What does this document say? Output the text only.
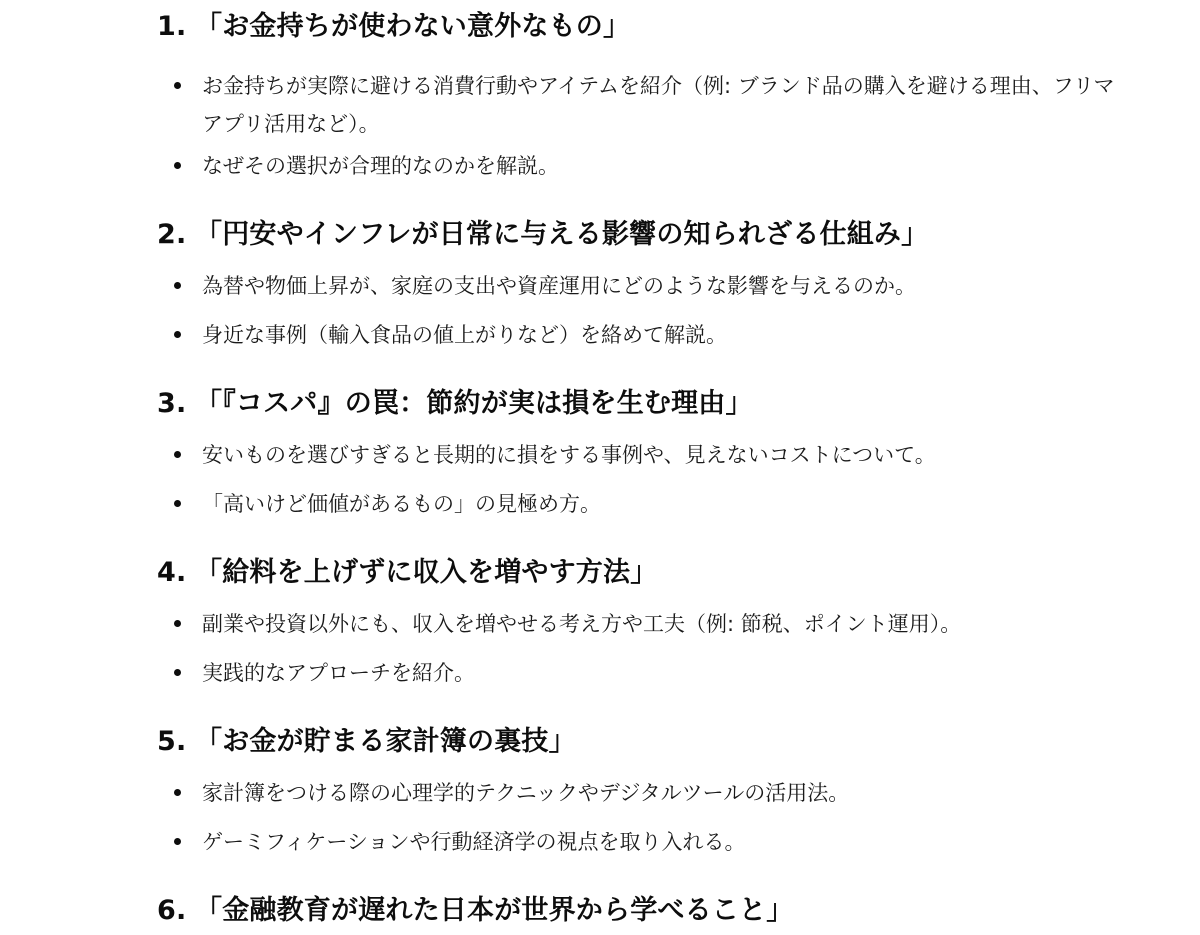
1. 「お金持ちが使わない意外なもの」
お金持ちが実際に避ける消費行動やアイテムを紹介（例: ブランド品の購入を避ける理由、フリマアプリ活用など）。
なぜその選択が合理的なのかを解説。
2. 「円安やインフレが日常に与える影響の知られざる仕組み」
為替や物価上昇が、家庭の支出や資産運用にどのような影響を与えるのか。
身近な事例（輸入食品の値上がりなど）を絡めて解説。
3. 「『コスパ』の罠：節約が実は損を生む理由」
安いものを選びすぎると長期的に損をする事例や、見えないコストについて。
「高いけど価値があるもの」の見極め方。
4. 「給料を上げずに収入を増やす方法」
副業や投資以外にも、収入を増やせる考え方や工夫（例: 節税、ポイント運用）。
実践的なアプローチを紹介。
5. 「お金が貯まる家計簿の裏技」
家計簿をつける際の心理学的テクニックやデジタルツールの活用法。
ゲーミフィケーションや行動経済学の視点を取り入れる。
6. 「金融教育が遅れた日本が世界から学べること」
